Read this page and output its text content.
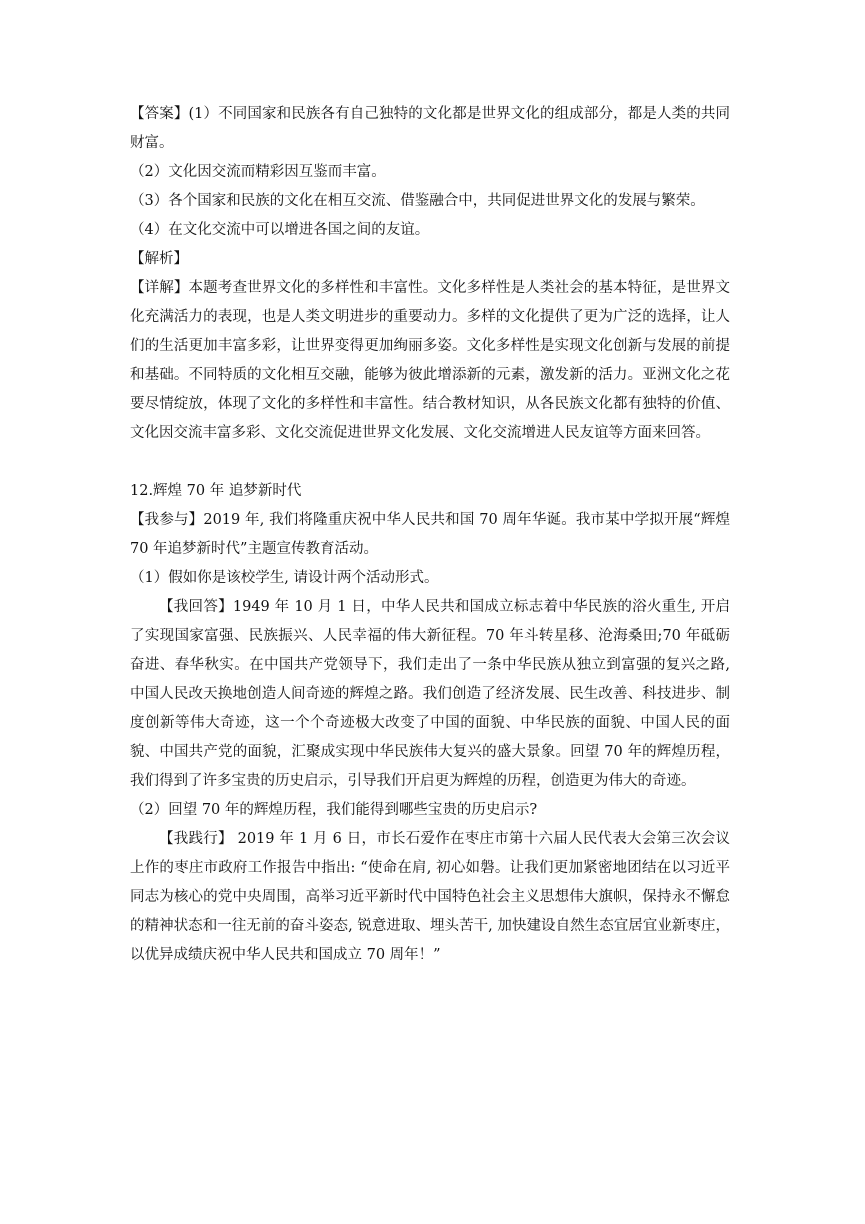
【答案】(1）不同国家和民族各有自己独特的文化都是世界文化的组成部分，都是人类的共同财富。

（2）文化因交流而精彩因互鉴而丰富。

（3）各个国家和民族的文化在相互交流、借鉴融合中，共同促进世界文化的发展与繁荣。

（4）在文化交流中可以增进各国之间的友谊。

【解析】

【详解】本题考查世界文化的多样性和丰富性。文化多样性是人类社会的基本特征，是世界文化充满活力的表现，也是人类文明进步的重要动力。多样的文化提供了更为广泛的选择，让人们的生活更加丰富多彩，让世界变得更加绚丽多姿。文化多样性是实现文化创新与发展的前提和基础。不同特质的文化相互交融，能够为彼此增添新的元素，激发新的活力。亚洲文化之花要尽情绽放，体现了文化的多样性和丰富性。结合教材知识，从各民族文化都有独特的价值、文化因交流丰富多彩、文化交流促进世界文化发展、文化交流增进人民友谊等方面来回答。

12.辉煌 70 年 追梦新时代

【我参与】2019 年, 我们将隆重庆祝中华人民共和国 70 周年华诞。我市某中学拟开展“辉煌 70 年追梦新时代”主题宣传教育活动。

（1）假如你是该校学生, 请设计两个活动形式。

【我回答】1949 年 10 月 1 日，中华人民共和国成立标志着中华民族的浴火重生, 开启了实现国家富强、民族振兴、人民幸福的伟大新征程。70 年斗转星移、沧海桑田;70 年砥砺奋进、春华秋实。在中国共产党领导下，我们走出了一条中华民族从独立到富强的复兴之路, 中国人民改天换地创造人间奇迹的辉煌之路。我们创造了经济发展、民生改善、科技进步、制度创新等伟大奇迹，这一个个奇迹极大改变了中国的面貌、中华民族的面貌、中国人民的面貌、中国共产党的面貌，汇聚成实现中华民族伟大复兴的盛大景象。回望 70 年的辉煌历程，我们得到了许多宝贵的历史启示，引导我们开启更为辉煌的历程，创造更为伟大的奇迹。

（2）回望 70 年的辉煌历程，我们能得到哪些宝贵的历史启示?

【我践行】 2019 年 1 月 6 日，市长石爱作在枣庄市第十六届人民代表大会第三次会议上作的枣庄市政府工作报告中指出: “使命在肩, 初心如磐。让我们更加紧密地团结在以习近平同志为核心的党中央周围，高举习近平新时代中国特色社会主义思想伟大旗帜，保持永不懈怠的精神状态和一往无前的奋斗姿态, 锐意进取、埋头苦干, 加快建设自然生态宜居宜业新枣庄，以优异成绩庆祝中华人民共和国成立 70 周年！”
